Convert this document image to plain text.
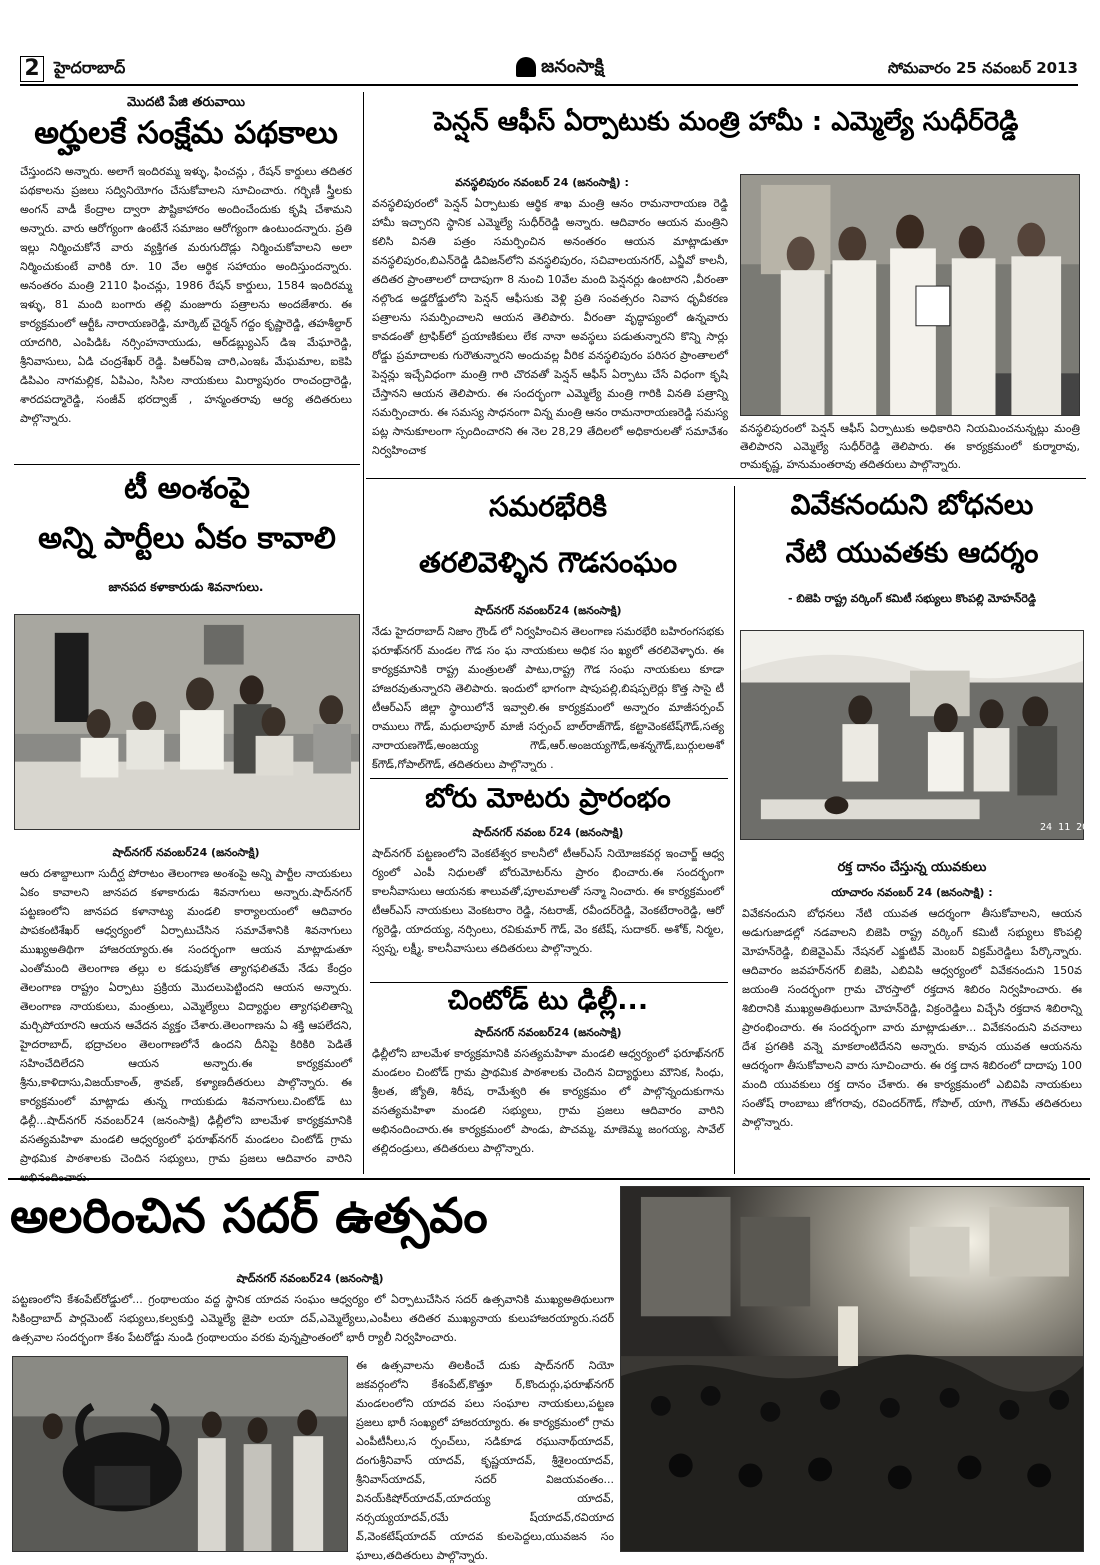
2 హైదరాబాద్	జనంసాక్షి	సోమవారం 25 నవంబర్ 2013
మొదటి పేజి తరువాయి
అర్హులకే సంక్షేమ పథకాలు
చేస్తుందని అన్నారు. అలాగే ఇందిరమ్మ ఇళ్ళు, ఫించన్లు , రేషన్ కార్డులు తదితర పథకాలను ప్రజలు సద్వినియోగం చేసుకోవాలని సూచించారు. గర్భిణీ స్త్రీలకు అంగన్ వాడీ కేంద్రాల ద్వారా పౌష్టికాహారం అందించేందుకు కృషి చేశామని అన్నారు. వారు ఆరోగ్యంగా ఉంటేనే సమాజం ఆరోగ్యంగా ఉంటుందన్నారు. ప్రతి ఇల్లు నిర్మించుకోనే వారు వ్యక్తిగత మరుగుదొడ్లు నిర్మించుకోవాలని అలా నిర్మించుకుంటే వారికి రూ. 10 వేల ఆర్థిక సహాయం అందిస్తుందన్నారు. అనంతరం మంత్రి 2110 ఫించన్లు, 1986 రేషన్ కార్డులు, 1584 ఇందిరమ్మ ఇళ్ళు, 81 మంది బంగారు తల్లి మంజూరు పత్రాలను అందజేశారు. ఈ కార్యక్రమంలో ఆర్టీఓ నారాయణరెడ్డి, మార్కెట్ చైర్మన్ గద్దం కృష్ణారెడ్డి, తహశీల్దార్ యాదగిరి, ఎంపిడిఓ నర్సింహనాయుడు, ఆర్‌డబ్ల్యుఎస్ డిఇ మేఘారెడ్డి, శ్రీనివాసులు, ఏడి చంద్రశేఖర్ రెడ్డి. పిఆర్‌ఏఇ చారి,ఎంఇఓ మేఘమాల, ఐకెపి డిపిఎం నాగమల్లిక, ఏపిఎం, సిసిల నాయకులు మిర్యాపురం రాంచంద్రారెడ్డి, శారదపద్మారెడ్డి, సంజీవ్ భరద్వాజ్ , హన్మంతరావు ఆర్య తదితరులు పాల్గొన్నారు.
పెన్షన్ ఆఫీస్ ఏర్పాటుకు మంత్రి హామీ : ఎమ్మెల్యే సుధీర్‌రెడ్డి
వనస్థలిపురం నవంబర్ 24 (జనంసాక్షి) :
వనస్థలిపురంలో పెన్షన్ ఏర్పాటుకు ఆర్థిక శాఖ మంత్రి ఆనం రామనారాయణ రెడ్డి హామీ ఇచ్చారని స్థానిక ఎమ్మెల్యే సుధీర్‌రెడ్డి అన్నారు. ఆదివారం ఆయన మంత్రిని కలిసి వినతి పత్రం సమర్పించిన అనంతరం ఆయన మాట్లాడుతూ వనస్థలిపురం,బిఎన్‌రెడ్డి డివిజన్‌లోని వనస్థలిపురం, సచివాలయనగర్, ఎన్జీవో కాలనీ, తదితర ప్రాంతాలలో దాదాపుగా 8 నుంచి 10వేల మంది పెన్షనర్లు ఉంటారని ,వీరంతా నల్గొండ అడ్డరోడ్డులోని పెన్షన్ ఆఫీసుకు వెళ్లి ప్రతి సంవత్సరం నివాస ధృవీకరణ పత్రాలను సమర్పించాలని ఆయన తెలిపారు. వీరంతా వృద్ధాప్యంలో ఉన్నవారు కావడంతో ట్రాఫిక్‌లో ప్రయాణికులు లేక నానా అవస్థలు పడుతున్నారని కొన్ని సార్లు రోడ్డు ప్రమాదాలకు గురౌతున్నారని అందువల్ల వీరిక వనస్థలిపురం పరిసర ప్రాంతాలలో పెన్షన్లు ఇచ్చేవిధంగా మంత్రి గారి చొరవతో పెన్షన్ ఆఫీస్ ఏర్పాటు చేసే విధంగా కృషి చేస్తానని ఆయన తెలిపారు. ఈ సందర్భంగా ఎమ్మెల్యే మంత్రి గారికి వినతి పత్రాన్ని సమర్పించారు. ఈ సమస్య సాధనంగా విన్న మంత్రి ఆనం రామనారాయణరెడ్డి సమస్య పట్ల సానుకూలంగా స్పందించారని ఈ నెల 28,29 తేదిలలో అధికారులతో సమావేశం నిర్వహించాక
వనస్థలిపురంలో పెన్షన్ ఆఫీస్ ఏర్పాటుకు అధికారిని నియమించనున్నట్లు మంత్రి తెలిపారని ఎమ్మెల్యే సుధీర్‌రెడ్డి తెలిపారు. ఈ కార్యక్రమంలో కుర్మారావు, రామకృష్ణ, హనుమంతరావు తదితరులు పాల్గొన్నారు.
టీ అంశంపై
అన్ని పార్టీలు ఏకం కావాలి
జానపద కళాకారుడు శివనాగులు.
షాద్‌నగర్ నవంబర్24 (జనంసాక్షి)
ఆరు దశాబ్దాలుగా సుదీర్ఘ పోరాటం తెలంగాణ అంశంపై అన్ని పార్టీల నాయకులు ఏకం కావాలని జానపద కళాకారుడు శివనాగులు అన్నారు.షాద్‌నగర్ పట్టణంలోని జానపద కళానాట్య మండలి కార్యాలయంలో ఆదివారం పాపకంటిశేఖర్ ఆధ్వర్యంలో ఏర్పాటుచేసిన సమావేశానికి శివనాగులు ముఖ్యఅతిథిగా హాజరయ్యారు.ఈ సందర్భంగా ఆయన మాట్లాడుతూ ఎంతోమంది తెలంగాణ తల్లు ల కడుపుకోత త్యాగఫలితమే నేడు కేంద్రం తెలంగాణ రాష్ట్రం ఏర్పాటు ప్రక్రియ మొదలుపెట్టిందని ఆయన అన్నారు. తెలంగాణ నాయకులు, మంత్రులు, ఎమ్మెల్యేలు విద్యార్థుల త్యాగఫలితాన్ని మర్చిపోయారని ఆయన ఆవేదన వ్యక్తం చేశారు.తెలంగాణను ఏ శక్తి ఆపలేదని, హైదరాబాద్, భద్రాచలం తెలంగాణలోనే ఉందని దీనిపై కిరికిరి పెడితే సహించేదిలేదని ఆయన అన్నారు.ఈ కార్యక్రమంలో శ్రీను,కాళిదాసు,విజయ్‌కాంత్, శ్రావణ్, కళ్యాణదీతరులు పాల్గొన్నారు. ఈ కార్యక్రమంలో మాట్లాడు తున్న గాయకుడు శివనాగులు.చింటోడ్ టు ఢిల్లీ...షాద్‌నగర్ నవంబర్24 (జనంసాక్షి) ఢిల్లీలోని బాలమేళ కార్యక్రమానికి వసత్యమహిళా మండలి ఆధ్వర్యంలో ఫరూఖ్‌నగర్ మండలం చింటోడ్ గ్రామ ప్రాథమిక పాఠశాలకు చెందిన సభ్యులు, గ్రామ ప్రజలు ఆదివారం వారిని
సమరభేరికి
తరలివెళ్ళిన గౌడసంఘం
షాద్‌నగర్ నవంబర్24 (జనంసాక్షి)
నేడు హైదరాబాద్ నిజాం గ్రౌండ్ లో నిర్వహించిన తెలంగాణ సమరభేరి బహిరంగసభకు ఫరూఖ్‌నగర్ మండల గౌడ సం ఘ నాయకులు అధిక సం ఖ్యలో తరలివెళ్ళారు. ఈ కార్యక్రమానికి రాష్ట్ర మంత్రులతో పాటు,రాష్ట్ర గౌడ సంఘ నాయకులు కూడా హాజరవుతున్నారని తెలిపారు. ఇందులో భాగంగా షాపుపల్లి,బిషప్పలెర్లు కొత్త సాసై టీ టీఆర్‌ఎస్ జిల్లా స్థాయిలోనే ఇవ్వాలి.ఈ కార్యక్రమంలో అన్నారం మాజీసర్పంచ్ రాములు గౌడ్, మధులాపూర్ మాజీ సర్పంచ్ బాల్‌రాజ్‌గౌడ్, కట్టావెంకటేష్‌గౌడ్,సత్య నారాయణగౌడ్,అంజయ్య గౌడ్,ఆర్.అంజయ్యగౌడ్,అశన్నగౌడ్,బుర్గులఅశో క్‌గౌడ్,గోపాల్‌గౌడ్, తదితరులు పాల్గొన్నారు .
బోరు మోటరు ప్రారంభం
షాద్‌నగర్ నవంబ ర్24 (జనంసాక్షి)
షాద్‌నగర్ పట్టణంలోని వెంకటేశ్వర కాలనీలో టీఆర్‌ఎస్ నియోజకవర్గ ఇంచార్జ్ ఆధ్వ ర్యంలో ఎంపీ నిధులతో బోరుమోటర్‌ను ప్రారం భించారు.ఈ సందర్భంగా కాలనీవాసులు ఆయనకు శాలువతో,పూలమాలతో సన్మా నించారు. ఈ కార్యక్రమంలో టీఆర్‌ఎస్ నాయకులు వెంకటరాం రెడ్డి, నటరాజ్, రవీందర్‌రెడ్డి, వెంకటేరాంరెడ్డి, ఆరో గ్యరెడ్డి, యాదయ్య, నర్సింలు, రవికుమార్ గౌడ్, వెం కటేష్, సుదాకర్. అశోక్, నిర్మల, స్వప్న, లక్ష్మీ, కాలనీవాసులు తదితరులు పాల్గొన్నారు.
చింటోడ్ టు ఢిల్లీ...
షాద్‌నగర్ నవంబర్24 (జనంసాక్షి)
ఢిల్లీలోని బాలమేళ కార్యక్రమానికి వసత్యమహిళా మండలి ఆధ్వర్యంలో ఫరూఖ్‌నగర్ మండలం చింటోడ్ గ్రామ ప్రాథమిక పాఠశాలకు చెందిన విద్యార్థులు మౌనిక, సింధు, శ్రీలత, జ్యోతి, శిరీష, రామేశ్వరి ఈ కార్యక్రమం లో పాల్గొన్నందుకుగాను వసత్యమహిళా మండలి సభ్యులు, గ్రామ ప్రజలు ఆదివారం వారిని అభినందించారు.ఈ కార్యక్రమంలో పాండు, పొచమ్మ, మాణెమ్మ జంగయ్య, సావేల్ తల్లిదండ్రులు, తదితరులు పాల్గొన్నారు.
వివేకనందుని బోధనలు
నేటి యువతకు ఆదర్శం
- బిజెపి రాష్ట్ర వర్కింగ్ కమిటీ సభ్యులు కొంపల్లి మోహన్‌రెడ్డి
24 11 201
రక్త దానం చేస్తున్న యువకులు
యాచారం నవంబర్ 24 (జనంసాక్షి) :
వివేకనందుని బోధనలు నేటి యువత ఆదర్శంగా తీసుకోవాలని, ఆయన అడుగుజాడల్లో నడవాలని బిజెపి రాష్ట్ర వర్కింగ్ కమిటీ సభ్యులు కొంపల్లి మోహన్‌రెడ్డి, బిజెవైఎమ్ నేషనల్ ఎక్జుటివ్ మెంబర్ విక్రమ్‌రెడ్డిలు పేర్కొన్నారు. ఆదివారం జవహర్‌నగర్ బిజెపి, ఎబివిపి ఆధ్వర్యంలో వివేకనందుని 150వ జయంతి సందర్భంగా గ్రామ చౌరస్తాలో రక్తదాన శిబిరం నిర్వహించారు. ఈ శిబిరానికి ముఖ్యఅతిథులుగా మోహన్‌రెడ్డి, విక్రంరెడ్డిలు విచ్చేసి రక్తదాన శిబిరాన్ని ప్రారంభించారు. ఈ సందర్భంగా వారు మాట్లాడుతూ... వివేకనందుని వచనాలు దేశ ప్రగతికి వన్నె మాకలాంటిదేనని అన్నారు. కావున యువత ఆయనను ఆదర్శంగా తీసుకోవాలని వారు సూచించారు. ఈ రక్త దాన శిబిరంలో దాదాపు 100 మంది యువకులు రక్త దానం చేశారు. ఈ కార్యక్రమంలో ఎబివిపి నాయకులు సంతోష్ రాంబాబు జోగరావు, రవిందర్‌గౌడ్, గోపాల్, యాగి, గౌతమ్ తదితరులు పాల్గొన్నారు.
అలరించిన సదర్ ఉత్సవం
షాద్‌నగర్ నవంబర్24 (జనంసాక్షి)
పట్టణంలోని కేశంపేట్‌రోడ్డులో... గ్రంథాలయం వద్ద స్థానిక యాదవ సంఘం ఆధ్వర్యం లో ఏర్పాటుచేసిన సదర్ ఉత్సవానికి ముఖ్యఅతిథులుగా సికింద్రాబాద్ పార్లమెంట్ సభ్యులు,కల్వకుర్తి ఎమ్మెల్యే జైపా లయా దవ్,ఎమ్మెల్యేలు,ఎంపీలు తదితర ముఖ్యనాయ కులుహాజరయ్యారు.సదర్ ఉత్సవాల సందర్భంగా కేశం పేటరోడ్డు నుండి గ్రంథాలయం వరకు వున్నప్రాంతంలో భారీ ర్యాలీ నిర్వహించారు.
ఈ ఉత్సవాలను తిలకించే దుకు షాద్‌నగర్ నియో జకవర్గంలోని కేశంపేట్,కొత్తూ ర్,కొందుర్గు,ఫరూఖ్‌నగర్ మండలంలోని యాదవ పలు సంఘాల నాయకులు,పట్టణ ప్రజలు భారీ సంఖ్యలో హాజరయ్యారు. ఈ కార్యక్రమంలో గ్రామ ఎంపీటీసీలు,స ర్పంచ్‌లు, సడికూడ రఘునాథ్‌యాదవ్, దంగుశ్రీనివాస్ యాదవ్, కృష్ణయాదవ్, శ్రీశైలంయాదవ్, శ్రీనివాస్‌యాదవ్, సదర్ విజయవంతం... వినయ్‌కిషోర్‌యాదవ్,యాదయ్య యాదవ్, నర్సయ్యయాదవ్,రమే ష్‌యాదవ్,రవియాద వ్,వెంకటేష్‌యాదవ్ యాదవ కులపెద్దలు,యువజన సం ఘాలు,తదితరులు పాల్గొన్నారు.
